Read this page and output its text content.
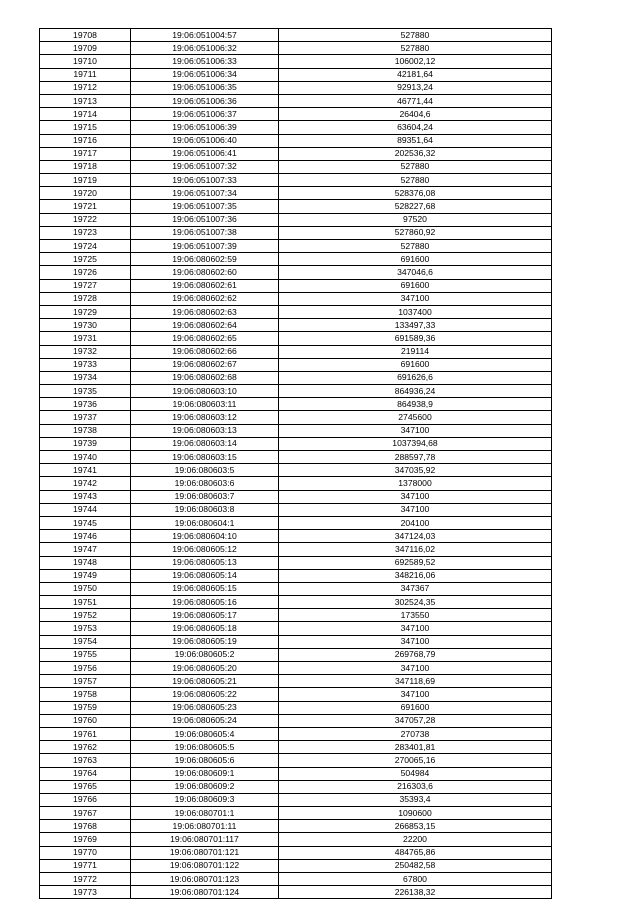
19708	19:06:051004:57	527880
19709	19:06:051006:32	527880
19710	19:06:051006:33	106002,12
19711	19:06:051006:34	42181,64
19712	19:06:051006:35	92913,24
19713	19:06:051006:36	46771,44
19714	19:06:051006:37	26404,6
19715	19:06:051006:39	63604,24
19716	19:06:051006:40	89351,64
19717	19:06:051006:41	202536,32
19718	19:06:051007:32	527880
19719	19:06:051007:33	527880
19720	19:06:051007:34	528376,08
19721	19:06:051007:35	528227,68
19722	19:06:051007:36	97520
19723	19:06:051007:38	527860,92
19724	19:06:051007:39	527880
19725	19:06:080602:59	691600
19726	19:06:080602:60	347046,6
19727	19:06:080602:61	691600
19728	19:06:080602:62	347100
19729	19:06:080602:63	1037400
19730	19:06:080602:64	133497,33
19731	19:06:080602:65	691589,36
19732	19:06:080602:66	219114
19733	19:06:080602:67	691600
19734	19:06:080602:68	691626,6
19735	19:06:080603:10	864936,24
19736	19:06:080603:11	864938,9
19737	19:06:080603:12	2745600
19738	19:06:080603:13	347100
19739	19:06:080603:14	1037394,68
19740	19:06:080603:15	288597,78
19741	19:06:080603:5	347035,92
19742	19:06:080603:6	1378000
19743	19:06:080603:7	347100
19744	19:06:080603:8	347100
19745	19:06:080604:1	204100
19746	19:06:080604:10	347124,03
19747	19:06:080605:12	347116,02
19748	19:06:080605:13	692589,52
19749	19:06:080605:14	348216,06
19750	19:06:080605:15	347367
19751	19:06:080605:16	302524,35
19752	19:06:080605:17	173550
19753	19:06:080605:18	347100
19754	19:06:080605:19	347100
19755	19:06:080605:2	269768,79
19756	19:06:080605:20	347100
19757	19:06:080605:21	347118,69
19758	19:06:080605:22	347100
19759	19:06:080605:23	691600
19760	19:06:080605:24	347057,28
19761	19:06:080605:4	270738
19762	19:06:080605:5	283401,81
19763	19:06:080605:6	270065,16
19764	19:06:080609:1	504984
19765	19:06:080609:2	216303,6
19766	19:06:080609:3	35393,4
19767	19:06:080701:1	1090600
19768	19:06:080701:11	266853,15
19769	19:06:080701:117	22200
19770	19:06:080701:121	484765,86
19771	19:06:080701:122	250482,58
19772	19:06:080701:123	67800
19773	19:06:080701:124	226138,32
